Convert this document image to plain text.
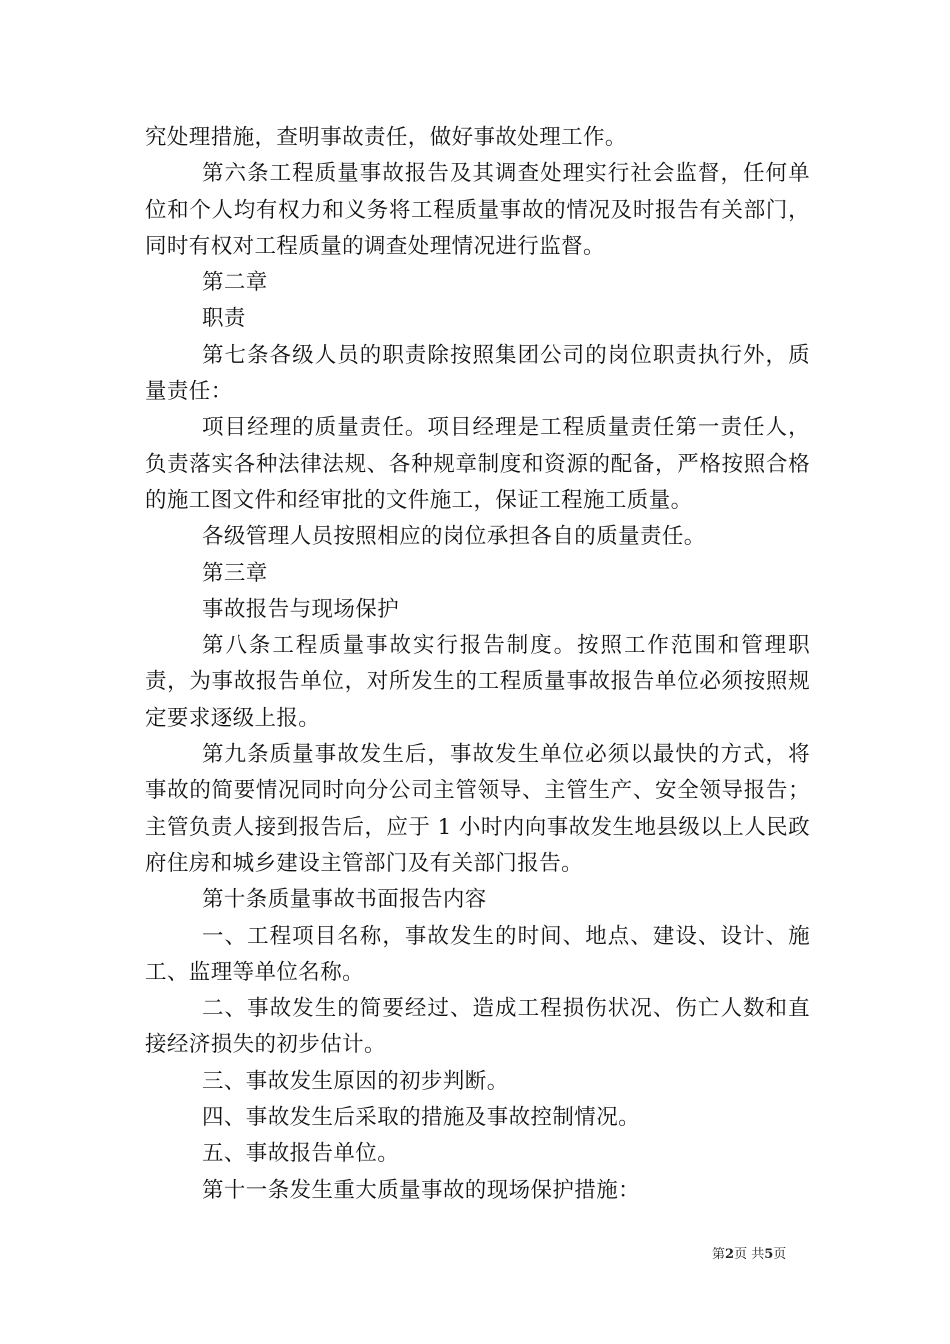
究处理措施，查明事故责任，做好事故处理工作。

第六条工程质量事故报告及其调查处理实行社会监督，任何单位和个人均有权力和义务将工程质量事故的情况及时报告有关部门，同时有权对工程质量的调查处理情况进行监督。

第二章

职责

第七条各级人员的职责除按照集团公司的岗位职责执行外，质量责任：

项目经理的质量责任。项目经理是工程质量责任第一责任人，负责落实各种法律法规、各种规章制度和资源的配备，严格按照合格的施工图文件和经审批的文件施工，保证工程施工质量。

各级管理人员按照相应的岗位承担各自的质量责任。

第三章

事故报告与现场保护

第八条工程质量事故实行报告制度。按照工作范围和管理职责，为事故报告单位，对所发生的工程质量事故报告单位必须按照规定要求逐级上报。

第九条质量事故发生后，事故发生单位必须以最快的方式，将事故的简要情况同时向分公司主管领导、主管生产、安全领导报告；主管负责人接到报告后，应于 1 小时内向事故发生地县级以上人民政府住房和城乡建设主管部门及有关部门报告。

第十条质量事故书面报告内容

一、工程项目名称，事故发生的时间、地点、建设、设计、施工、监理等单位名称。

二、事故发生的简要经过、造成工程损伤状况、伤亡人数和直接经济损失的初步估计。

三、事故发生原因的初步判断。

四、事故发生后采取的措施及事故控制情况。

五、事故报告单位。

第十一条发生重大质量事故的现场保护措施：

第2页 共5页
